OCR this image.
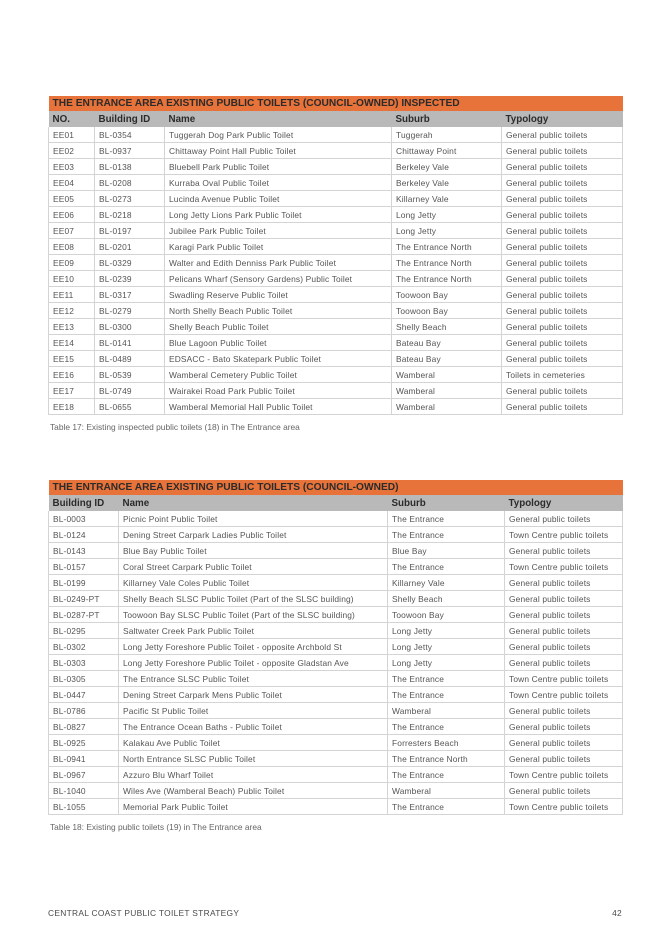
THE ENTRANCE AREA EXISTING PUBLIC TOILETS (COUNCIL-OWNED) INSPECTED				
NO.	Building ID	Name	Suburb	Typology
EE01	BL-0354	Tuggerah Dog Park Public Toilet	Tuggerah	General public toilets
EE02	BL-0937	Chittaway Point Hall Public Toilet	Chittaway Point	General public toilets
EE03	BL-0138	Bluebell Park Public Toilet	Berkeley Vale	General public toilets
EE04	BL-0208	Kurraba Oval Public Toilet	Berkeley Vale	General public toilets
EE05	BL-0273	Lucinda Avenue Public Toilet	Killarney Vale	General public toilets
EE06	BL-0218	Long Jetty Lions Park Public Toilet	Long Jetty	General public toilets
EE07	BL-0197	Jubilee Park Public Toilet	Long Jetty	General public toilets
EE08	BL-0201	Karagi Park Public Toilet	The Entrance North	General public toilets
EE09	BL-0329	Walter and Edith Denniss Park Public Toilet	The Entrance North	General public toilets
EE10	BL-0239	Pelicans Wharf (Sensory Gardens) Public Toilet	The Entrance North	General public toilets
EE11	BL-0317	Swadling Reserve Public Toilet	Toowoon Bay	General public toilets
EE12	BL-0279	North Shelly Beach Public Toilet	Toowoon Bay	General public toilets
EE13	BL-0300	Shelly Beach Public Toilet	Shelly Beach	General public toilets
EE14	BL-0141	Blue Lagoon Public Toilet	Bateau Bay	General public toilets
EE15	BL-0489	EDSACC - Bato Skatepark Public Toilet	Bateau Bay	General public toilets
EE16	BL-0539	Wamberal Cemetery Public Toilet	Wamberal	Toilets in cemeteries
EE17	BL-0749	Wairakei Road Park Public Toilet	Wamberal	General public toilets
EE18	BL-0655	Wamberal Memorial Hall Public Toilet	Wamberal	General public toilets
Table 17: Existing inspected public toilets (18) in The Entrance area
THE ENTRANCE AREA EXISTING PUBLIC TOILETS (COUNCIL-OWNED)			
Building ID	Name	Suburb	Typology
BL-0003	Picnic Point Public Toilet	The Entrance	General public toilets
BL-0124	Dening Street Carpark Ladies Public Toilet	The Entrance	Town Centre public toilets
BL-0143	Blue Bay Public Toilet	Blue Bay	General public toilets
BL-0157	Coral Street Carpark Public Toilet	The Entrance	Town Centre public toilets
BL-0199	Killarney Vale Coles Public Toilet	Killarney Vale	General public toilets
BL-0249-PT	Shelly Beach SLSC Public Toilet (Part of the SLSC building)	Shelly Beach	General public toilets
BL-0287-PT	Toowoon Bay SLSC Public Toilet (Part of the SLSC building)	Toowoon Bay	General public toilets
BL-0295	Saltwater Creek Park Public Toilet	Long Jetty	General public toilets
BL-0302	Long Jetty Foreshore Public Toilet - opposite Archbold St	Long Jetty	General public toilets
BL-0303	Long Jetty Foreshore Public Toilet - opposite Gladstan Ave	Long Jetty	General public toilets
BL-0305	The Entrance SLSC Public Toilet	The Entrance	Town Centre public toilets
BL-0447	Dening Street Carpark Mens Public Toilet	The Entrance	Town Centre public toilets
BL-0786	Pacific St Public Toilet	Wamberal	General public toilets
BL-0827	The Entrance Ocean Baths - Public Toilet	The Entrance	General public toilets
BL-0925	Kalakau Ave Public Toilet	Forresters Beach	General public toilets
BL-0941	North Entrance SLSC Public Toilet	The Entrance North	General public toilets
BL-0967	Azzuro Blu Wharf Toilet	The Entrance	Town Centre public toilets
BL-1040	Wiles Ave (Wamberal Beach) Public Toilet	Wamberal	General public toilets
BL-1055	Memorial Park Public Toilet	The Entrance	Town Centre public toilets
Table 18: Existing public toilets (19) in The Entrance area
CENTRAL COAST PUBLIC TOILET STRATEGY	42
